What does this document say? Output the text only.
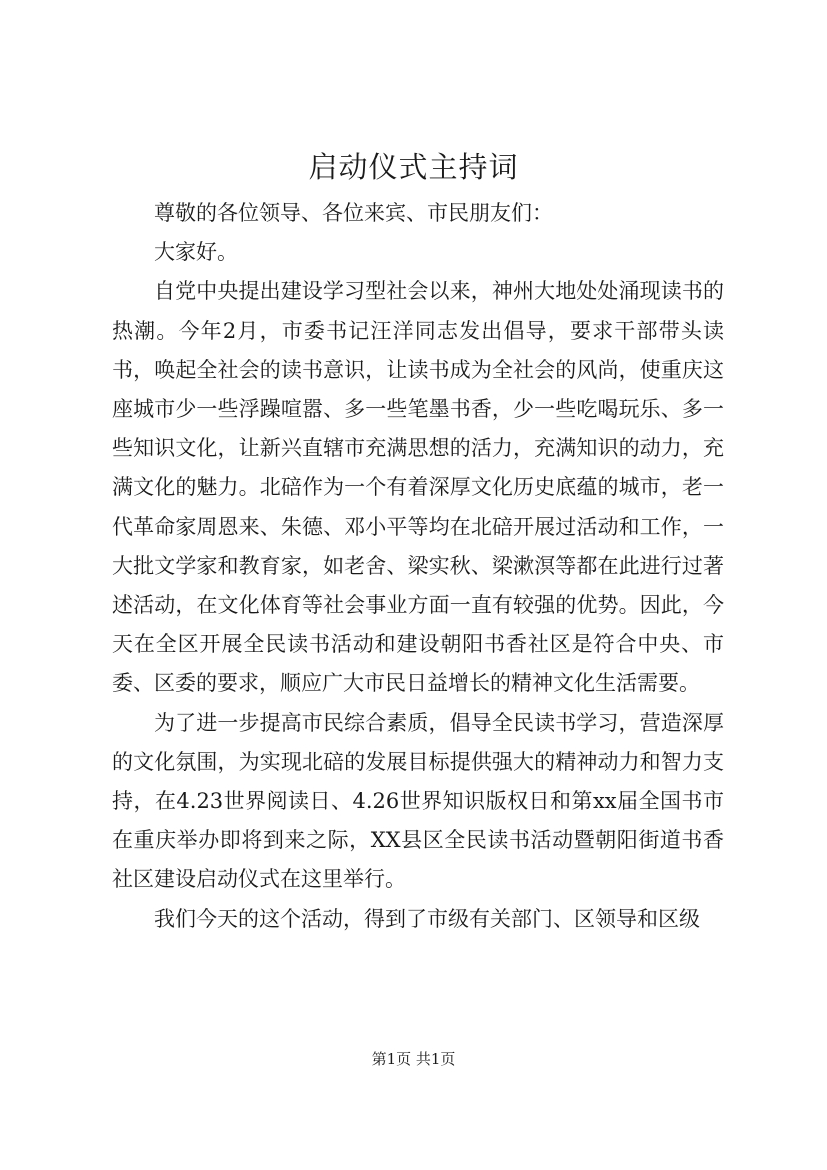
启动仪式主持词

尊敬的各位领导、各位来宾、市民朋友们：

大家好。

自党中央提出建设学习型社会以来，神州大地处处涌现读书的热潮。今年2月，市委书记汪洋同志发出倡导，要求干部带头读书，唤起全社会的读书意识，让读书成为全社会的风尚，使重庆这座城市少一些浮躁喧嚣、多一些笔墨书香，少一些吃喝玩乐、多一些知识文化，让新兴直辖市充满思想的活力，充满知识的动力，充满文化的魅力。北碚作为一个有着深厚文化历史底蕴的城市，老一代革命家周恩来、朱德、邓小平等均在北碚开展过活动和工作，一大批文学家和教育家，如老舍、梁实秋、梁漱溟等都在此进行过著述活动，在文化体育等社会事业方面一直有较强的优势。因此，今天在全区开展全民读书活动和建设朝阳书香社区是符合中央、市委、区委的要求，顺应广大市民日益增长的精神文化生活需要。

为了进一步提高市民综合素质，倡导全民读书学习，营造深厚的文化氛围，为实现北碚的发展目标提供强大的精神动力和智力支持，在4.23世界阅读日、4.26世界知识版权日和第xx届全国书市在重庆举办即将到来之际，XX县区全民读书活动暨朝阳街道书香社区建设启动仪式在这里举行。

我们今天的这个活动，得到了市级有关部门、区领导和区级

第1页 共1页
